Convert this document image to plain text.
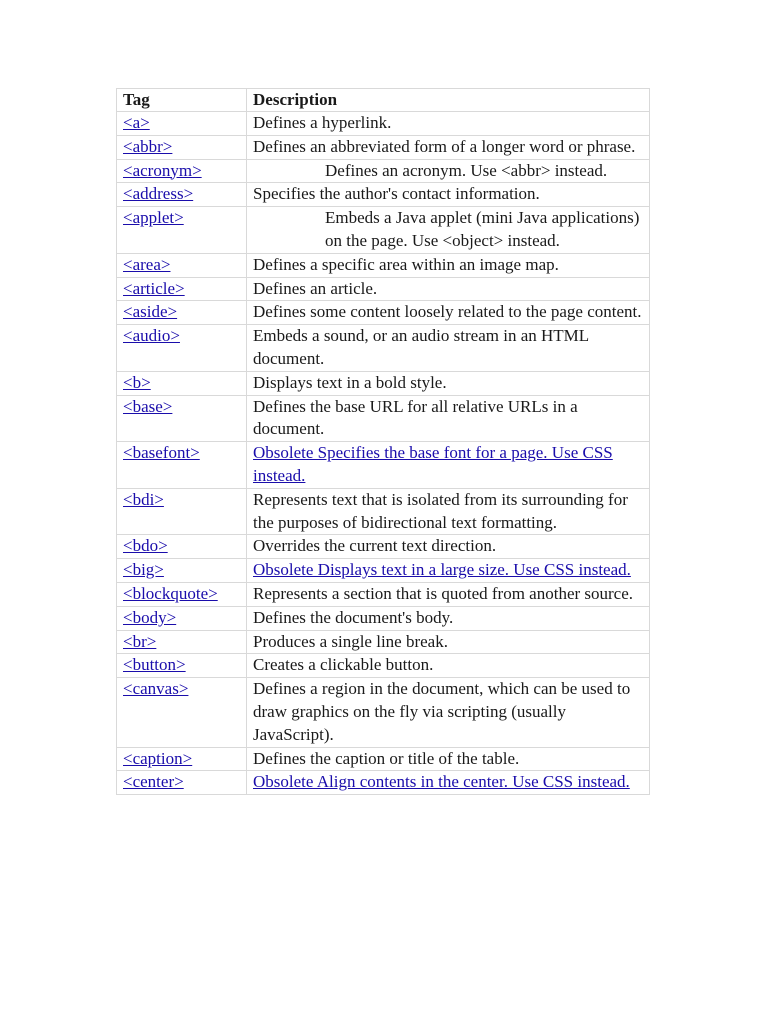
Tag	Description
<a>	Defines a hyperlink.
<abbr>	Defines an abbreviated form of a longer word or phrase.
<acronym>	Defines an acronym. Use <abbr> instead.

<address>	Specifies the author's contact information.
<applet>	Embeds a Java applet (mini Java applications) on the page. Use <object> instead.

<area>	Defines a specific area within an image map.
<article>	Defines an article.
<aside>	Defines some content loosely related to the page content.
<audio>	Embeds a sound, or an audio stream in an HTML document.
<b>	Displays text in a bold style.
<base>	Defines the base URL for all relative URLs in a document.
<basefont>	Obsolete Specifies the base font for a page. Use CSS instead.
<bdi>	Represents text that is isolated from its surrounding for the purposes of bidirectional text formatting.
<bdo>	Overrides the current text direction.
<big>	Obsolete Displays text in a large size. Use CSS instead.
<blockquote>	Represents a section that is quoted from another source.
<body>	Defines the document's body.
<br>	Produces a single line break.
<button>	Creates a clickable button.
<canvas>	Defines a region in the document, which can be used to draw graphics on the fly via scripting (usually JavaScript).
<caption>	Defines the caption or title of the table.
<center>	Obsolete Align contents in the center. Use CSS instead.
